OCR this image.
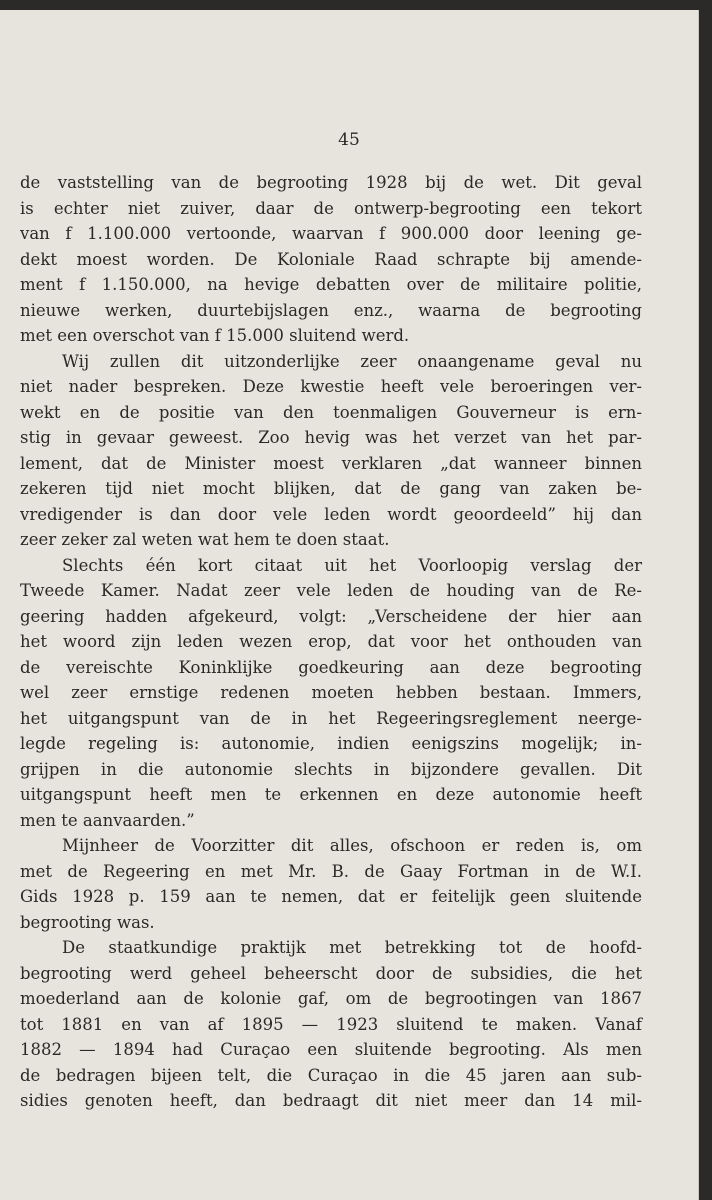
45
de vaststelling van de begrooting 1928 bij de wet. Dit geval
is echter niet zuiver, daar de ontwerp-begrooting een tekort
van f 1.100.000 vertoonde, waarvan f 900.000 door leening ge-
dekt moest worden. De Koloniale Raad schrapte bij amende-
ment f 1.150.000, na hevige debatten over de militaire politie,
nieuwe werken, duurtebijslagen enz., waarna de begrooting
met een overschot van f 15.000 sluitend werd.
Wij zullen dit uitzonderlijke zeer onaangename geval nu
niet nader bespreken. Deze kwestie heeft vele beroeringen ver-
wekt en de positie van den toenmaligen Gouverneur is ern-
stig in gevaar geweest. Zoo hevig was het verzet van het par-
lement, dat de Minister moest verklaren „dat wanneer binnen
zekeren tijd niet mocht blijken, dat de gang van zaken be-
vredigender is dan door vele leden wordt geoordeeld” hij dan
zeer zeker zal weten wat hem te doen staat.
Slechts één kort citaat uit het Voorloopig verslag der
Tweede Kamer. Nadat zeer vele leden de houding van de Re-
geering hadden afgekeurd, volgt: „Verscheidene der hier aan
het woord zijn leden wezen erop, dat voor het onthouden van
de vereischte Koninklijke goedkeuring aan deze begrooting
wel zeer ernstige redenen moeten hebben bestaan. Immers,
het uitgangspunt van de in het Regeeringsreglement neerge-
legde regeling is: autonomie, indien eenigszins mogelijk; in-
grijpen in die autonomie slechts in bijzondere gevallen. Dit
uitgangspunt heeft men te erkennen en deze autonomie heeft
men te aanvaarden.”
Mijnheer de Voorzitter dit alles, ofschoon er reden is, om
met de Regeering en met Mr. B. de Gaay Fortman in de W.I.
Gids 1928 p. 159 aan te nemen, dat er feitelijk geen sluitende
begrooting was.
De staatkundige praktijk met betrekking tot de hoofd-
begrooting werd geheel beheerscht door de subsidies, die het
moederland aan de kolonie gaf, om de begrootingen van 1867
tot 1881 en van af 1895 — 1923 sluitend te maken. Vanaf
1882 — 1894 had Curaçao een sluitende begrooting. Als men
de bedragen bijeen telt, die Curaçao in die 45 jaren aan sub-
sidies genoten heeft, dan bedraagt dit niet meer dan 14 mil-
